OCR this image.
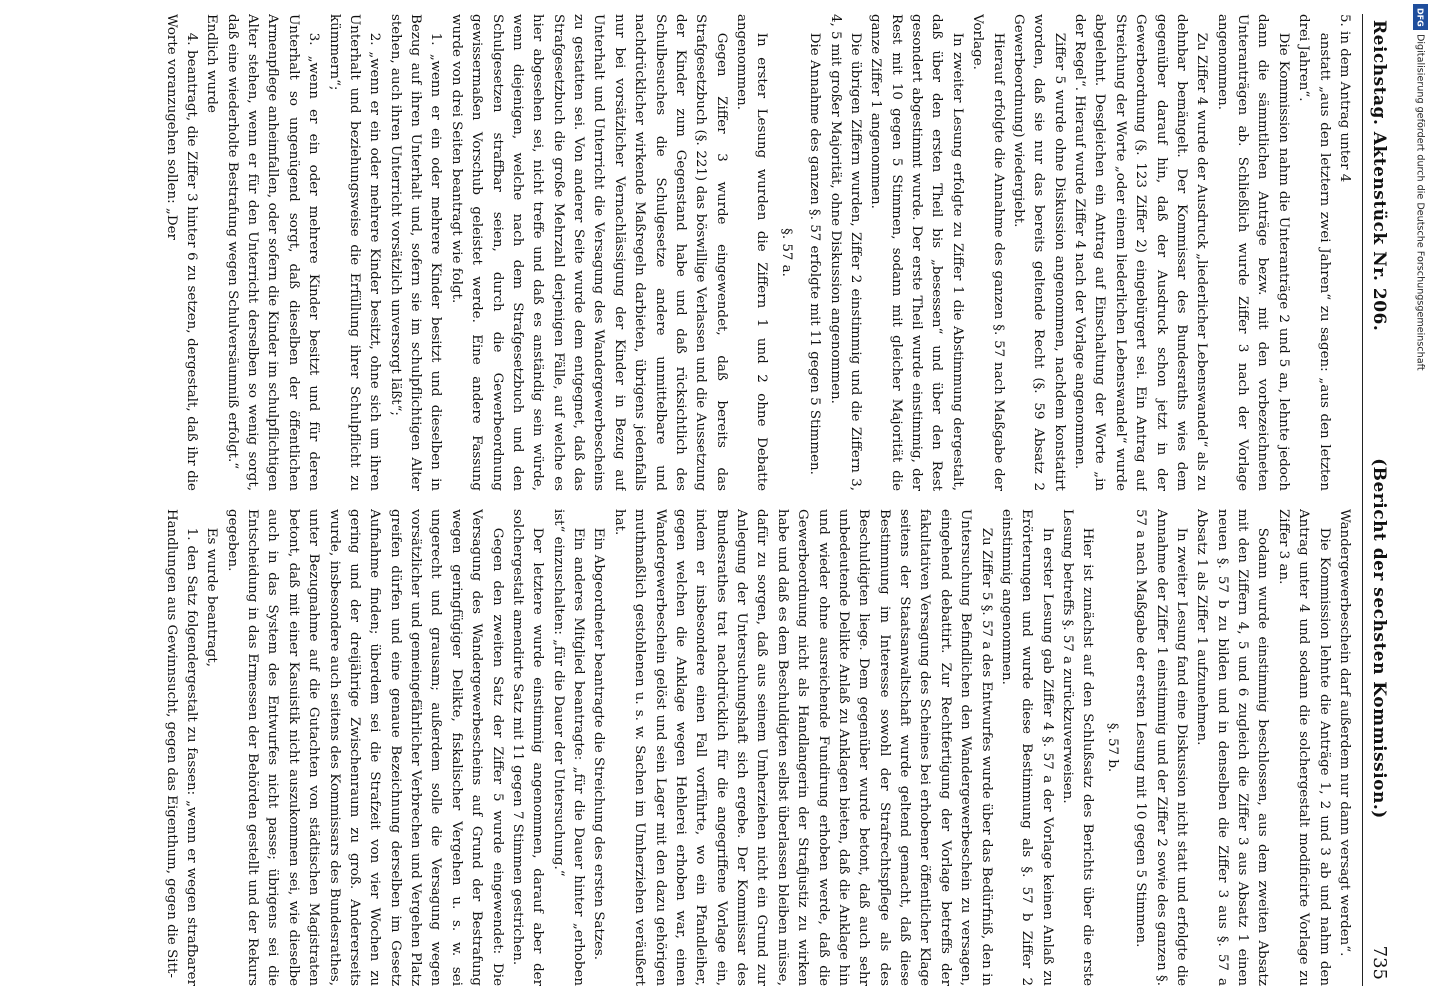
Reichstag. Aktenstück Nr. 206.
(Bericht der sechsten Kommission.)
735

5. in dem Antrag unter 4

anstatt „aus den letztern zwei Jahren“ zu sagen: „aus den letzten drei Jahren“.

Die Kommission nahm die Unteranträge 2 und 5 an, lehnte jedoch dann die sämmtlichen Anträge bezw. mit den vorbezeichneten Unteranträgen ab. Schließlich wurde Ziffer 3 nach der Vorlage angenommen.

Zu Ziffer 4 wurde der Ausdruck „liederlicher Lebenswandel“ als zu dehnbar bemängelt. Der Kommissar des Bundesraths wies dem gegenüber darauf hin, daß der Ausdruck schon jetzt in der Gewerbeordnung (§. 123 Ziffer 2) eingebürgert sei. Ein Antrag auf Streichung der Worte „oder einem liederlichen Lebenswandel“ wurde abgelehnt. Desgleichen ein Antrag auf Einschaltung der Worte „in der Regel“. Hierauf wurde Ziffer 4 nach der Vorlage angenommen.

Ziffer 5 wurde ohne Diskussion angenommen, nachdem konstatirt worden, daß sie nur das bereits geltende Recht (§. 59 Absatz 2 Gewerbeordnung) wiedergiebt.

Hierauf erfolgte die Annahme des ganzen §. 57 nach Maßgabe der Vorlage.

In zweiter Lesung erfolgte zu Ziffer 1 die Abstimmung dergestalt, daß über den ersten Theil bis „besessen“ und über den Rest gesondert abgestimmt wurde. Der erste Theil wurde einstimmig, der Rest mit 10 gegen 5 Stimmen, sodann mit gleicher Majorität die ganze Ziffer 1 angenommen.

Die übrigen Ziffern wurden, Ziffer 2 einstimmig und die Ziffern 3, 4, 5 mit großer Majorität, ohne Diskussion angenommen.

Die Annahme des ganzen §. 57 erfolgte mit 11 gegen 5 Stimmen.

§. 57 a.

In erster Lesung wurden die Ziffern 1 und 2 ohne Debatte angenommen.

Gegen Ziffer 3 wurde eingewendet, daß bereits das Strafgesetzbuch (§. 221) das böswillige Verlassen und die Aussetzung der Kinder zum Gegenstand habe und daß rücksichtlich des Schulbesuches die Schulgesetze andere unmittelbare und nachdrücklicher wirkende Maßregeln darbieten, übrigens jedenfalls nur bei vorsätzlicher Vernachlässigung der Kinder in Bezug auf Unterhalt und Unterricht die Versagung des Wandergewerbescheins zu gestatten sei. Von anderer Seite wurde dem entgegnet, daß das Strafgesetzbuch die große Mehrzahl derjenigen Fälle, auf welche es hier abgesehen sei, nicht treffe und daß es anständig sein würde, wenn diejenigen, welche nach dem Strafgesetzbuch und den Schulgesetzen straffbar seien, durch die Gewerbeordnung gewissermaßen Vorschub geleistet werde. Eine andere Fassung wurde von drei Seiten beantragt wie folgt.

1. „wenn er ein oder mehrere Kinder besitzt und dieselben in Bezug auf ihren Unterhalt und, sofern sie im schulpflichtigen Alter stehen, auch ihren Unterricht vorsätzlich unversorgt läßt“;

2. „wenn er ein oder mehrere Kinder besitzt, ohne sich um ihren Unterhalt und beziehungsweise die Erfüllung ihrer Schulpflicht zu kümmern“;

3. „wenn er ein oder mehrere Kinder besitzt und für deren Unterhalt so ungenügend sorgt, daß dieselben der öffentlichen Armenpflege anheimfallen, oder sofern die Kinder im schulpflichtigen Alter stehen, wenn er für den Unterricht derselben so wenig sorgt, daß eine wiederholte Bestrafung wegen Schulversäumniß erfolgt.“

Endlich wurde

4. beantragt, die Ziffer 3 hinter 6 zu setzen, dergestalt, daß ihr die Worte voranzugehen sollen: „Der

Wandergewerbeschein darf außerdem nur dann versagt werden“.

Die Kommission lehnte die Anträge 1, 2 und 3 ab und nahm den Antrag unter 4 und sodann die solchergestalt modificirte Vorlage zu Ziffer 3 an.

Sodann wurde einstimmig beschlossen, aus dem zweiten Absatz mit den Ziffern 4, 5 und 6 zugleich die Ziffer 3 aus Absatz 1 einen neuen §. 57 b zu bilden und in denselben die Ziffer 3 aus §. 57 a Absatz 1 als Ziffer 1 aufzunehmen.

In zweiter Lesung fand eine Diskussion nicht statt und erfolgte die Annahme der Ziffer 1 einstimmig und der Ziffer 2 sowie des ganzen §. 57 a nach Maßgabe der ersten Lesung mit 10 gegen 5 Stimmen.

§. 57 b.

Hier ist zunächst auf den Schlußsatz des Berichts über die erste Lesung betreffs §. 57 a zurückzuverweisen.

In erster Lesung gab Ziffer 4 §. 57 a der Vorlage keinen Anlaß zu Erörterungen und wurde diese Bestimmung als §. 57 b Ziffer 2 einstimmig angenommen.

Zu Ziffer 5 §. 57 a des Entwurfes wurde über das Bedürfniß, den in Untersuchung Befindlichen den Wandergewerbeschein zu versagen, eingehend debattirt. Zur Rechtfertigung der Vorlage betreffs der fakultativen Versagung des Scheines bei erhobener öffentlicher Klage seitens der Staatsanwaltschaft wurde geltend gemacht, daß diese Bestimmung im Interesse sowohl der Strafrechtspflege als des Beschuldigten liege. Dem gegenüber wurde betont, daß auch sehr unbedeutende Delikte Anlaß zu Anklagen bieten, daß die Anklage hin und wieder ohne ausreichende Fundirung erhoben werde, daß die Gewerbeordnung nicht als Handlangerin der Strafjustiz zu wirken habe und daß es dem Beschuldigten selbst überlassen bleiben müsse, dafür zu sorgen, daß aus seinem Umherziehen nicht ein Grund zur Anlegung der Untersuchungshaft sich ergebe. Der Kommissar des Bundesrathes trat nachdrücklich für die angegriffene Vorlage ein, indem er insbesondere einen Fall vorführte, wo ein Pfandleiher, gegen welchen die Anklage wegen Hehlerei erhoben war, einen Wandergewerbeschein gelöst und sein Lager mit den dazu gehörigen muthmaßlich gestohlenen u. s. w. Sachen im Umherziehen veräußert hat.

Ein Abgeordneter beantragte die Streichung des ersten Satzes.

Ein anderes Mitglied beantragte: „für die Dauer hinter „erhoben ist“ einzuschalten: „für die Dauer der Untersuchung.“

Der letztere wurde einstimmig angenommen, darauf aber der solchergestalt amendirte Satz mit 11 gegen 7 Stimmen gestrichen.

Gegen den zweiten Satz der Ziffer 5 wurde eingewendet: Die Versagung des Wandergewerbescheins auf Grund der Bestrafung wegen geringfügiger Delikte, fiskalischer Vergehen u. s. w. sei ungerecht und grausam; außerdem solle die Versagung wegen vorsätzlicher und gemeingefährlicher Verbrechen und Vergehen Platz greifen dürfen und eine genaue Bezeichnung derselben im Gesetz Aufnahme finden; überdem sei die Strafzeit von vier Wochen zu gering und der dreijährige Zwischenraum zu groß. Andererseits wurde, insbesondere auch seitens des Kommissars des Bundesrathes, unter Bezugnahme auf die Gutachten von städtischen Magistraten betont, daß mit einer Kasuistik nicht auszukommen sei, wie dieselbe auch in das System des Entwurfes nicht passe; übrigens sei die Entscheidung in das Ermessen der Behörden gestellt und der Rekurs gegeben.

Es wurde beantragt,

1. den Satz folgendergestalt zu fassen: „wenn er wegen strafbarer Handlungen aus Gewinnsucht, gegen das Eigenthum, gegen die Sitt-

DFG
Digitalisierung gefördert durch die Deutsche Forschungsgemeinschaft
